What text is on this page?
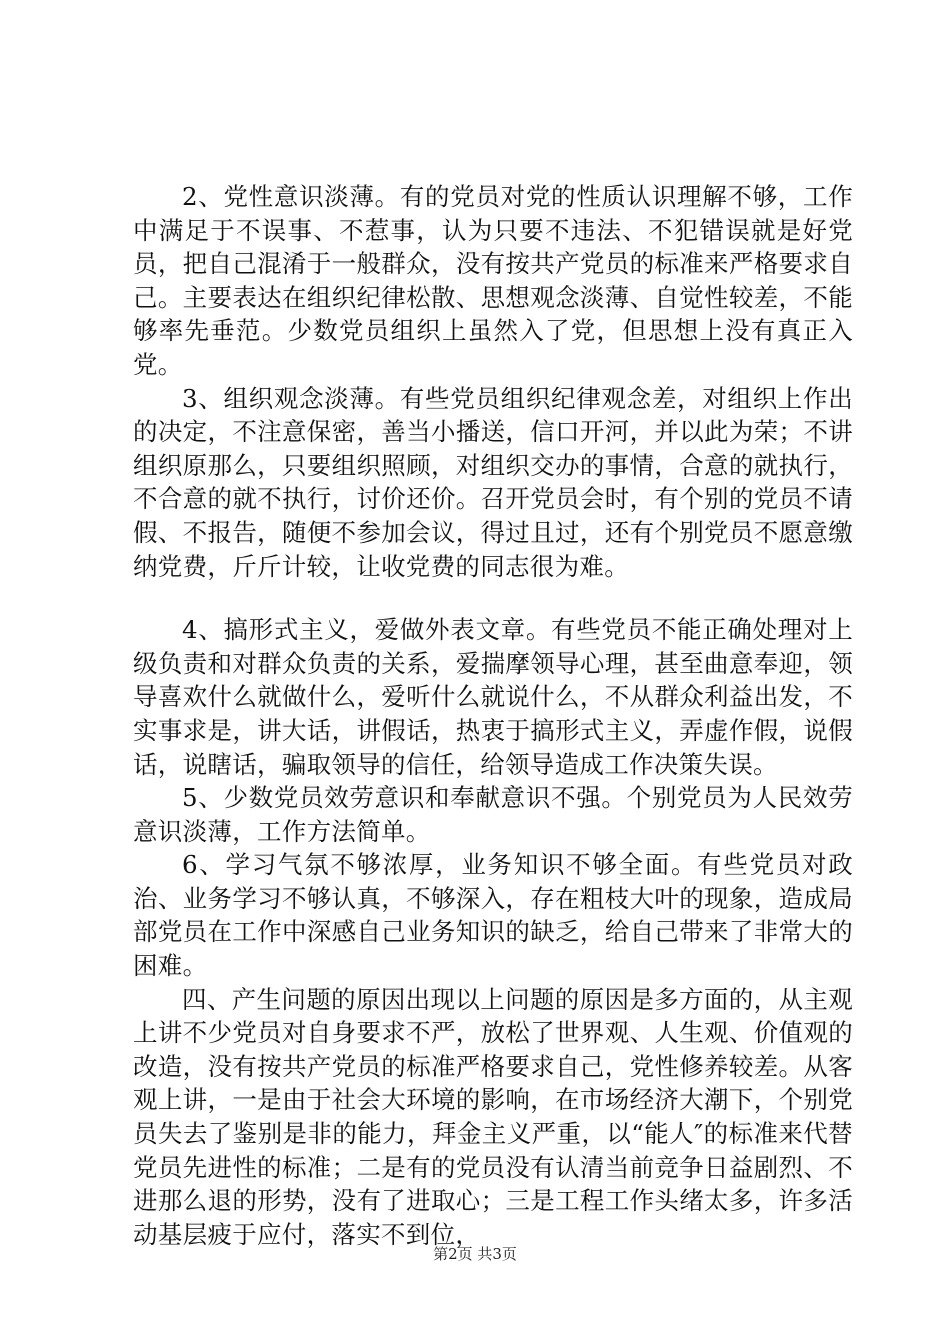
2、党性意识淡薄。有的党员对党的性质认识理解不够，工作中满足于不误事、不惹事，认为只要不违法、不犯错误就是好党员，把自己混淆于一般群众，没有按共产党员的标准来严格要求自己。主要表达在组织纪律松散、思想观念淡薄、自觉性较差，不能够率先垂范。少数党员组织上虽然入了党，但思想上没有真正入党。

3、组织观念淡薄。有些党员组织纪律观念差，对组织上作出的决定，不注意保密，善当小播送，信口开河，并以此为荣；不讲组织原那么，只要组织照顾，对组织交办的事情，合意的就执行，不合意的就不执行，讨价还价。召开党员会时，有个别的党员不请假、不报告，随便不参加会议，得过且过，还有个别党员不愿意缴纳党费，斤斤计较，让收党费的同志很为难。

4、搞形式主义，爱做外表文章。有些党员不能正确处理对上级负责和对群众负责的关系，爱揣摩领导心理，甚至曲意奉迎，领导喜欢什么就做什么，爱听什么就说什么，不从群众利益出发，不实事求是，讲大话，讲假话，热衷于搞形式主义，弄虚作假，说假话，说瞎话，骗取领导的信任，给领导造成工作决策失误。

5、少数党员效劳意识和奉献意识不强。个别党员为人民效劳意识淡薄，工作方法简单。

6、学习气氛不够浓厚，业务知识不够全面。有些党员对政治、业务学习不够认真，不够深入，存在粗枝大叶的现象，造成局部党员在工作中深感自己业务知识的缺乏，给自己带来了非常大的困难。

四、产生问题的原因出现以上问题的原因是多方面的，从主观上讲不少党员对自身要求不严，放松了世界观、人生观、价值观的改造，没有按共产党员的标准严格要求自己，党性修养较差。从客观上讲，一是由于社会大环境的影响，在市场经济大潮下，个别党员失去了鉴别是非的能力，拜金主义严重，以“能人″的标准来代替党员先进性的标准；二是有的党员没有认清当前竞争日益剧烈、不进那么退的形势，没有了进取心；三是工程工作头绪太多，许多活动基层疲于应付，落实不到位，

第2页 共3页
